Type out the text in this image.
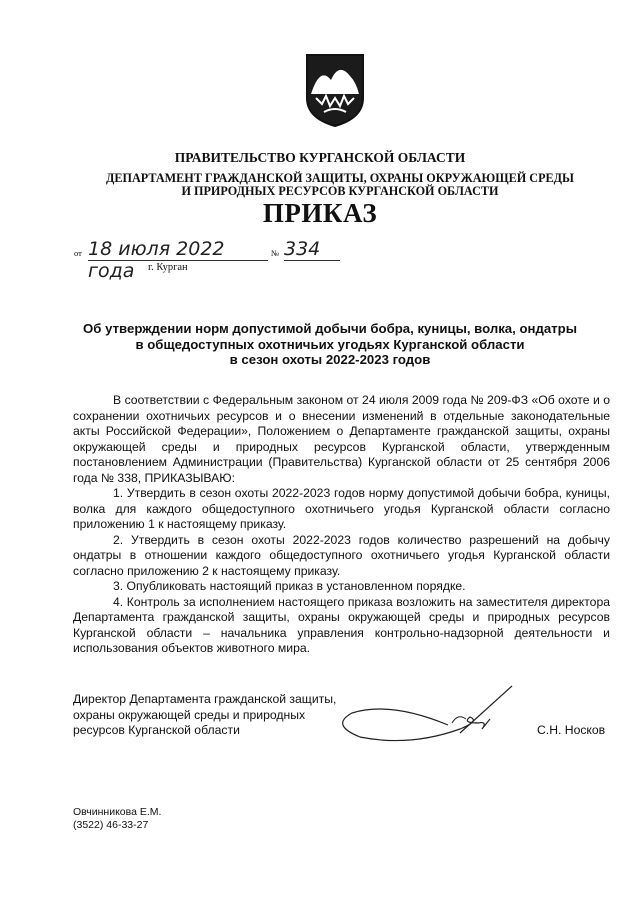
ПРАВИТЕЛЬСТВО КУРГАНСКОЙ ОБЛАСТИ
ДЕПАРТАМЕНТ ГРАЖДАНСКОЙ ЗАЩИТЫ, ОХРАНЫ ОКРУЖАЮЩЕЙ СРЕДЫ И ПРИРОДНЫХ РЕСУРСОВ КУРГАНСКОЙ ОБЛАСТИ
ПРИКАЗ
от 18 июля 2022 года
№ 334
г. Курган
Об утверждении норм допустимой добычи бобра, куницы, волка, ондатры
в общедоступных охотничьих угодьях Курганской области
в сезон охоты 2022-2023 годов

В соответствии с Федеральным законом от 24 июля 2009 года № 209-ФЗ «Об охоте и о сохранении охотничьих ресурсов и о внесении изменений в отдельные законодательные акты Российской Федерации», Положением о Департаменте гражданской защиты, охраны окружающей среды и природных ресурсов Курганской области, утвержденным постановлением Администрации (Правительства) Курганской области от 25 сентября 2006 года № 338, ПРИКАЗЫВАЮ:

1. Утвердить в сезон охоты 2022-2023 годов норму допустимой добычи бобра, куницы, волка для каждого общедоступного охотничьего угодья Курганской области согласно приложению 1 к настоящему приказу.

2. Утвердить в сезон охоты 2022-2023 годов количество разрешений на добычу ондатры в отношении каждого общедоступного охотничьего угодья Курганской области согласно приложению 2 к настоящему приказу.

3. Опубликовать настоящий приказ в установленном порядке.

4. Контроль за исполнением настоящего приказа возложить на заместителя директора Департамента гражданской защиты, охраны окружающей среды и природных ресурсов Курганской области – начальника управления контрольно-надзорной деятельности и использования объектов животного мира.

Директор Департамента гражданской защиты,
охраны окружающей среды и природных
ресурсов Курганской области	С.Н. Носков
Овчинникова Е.М.
(3522) 46-33-27
